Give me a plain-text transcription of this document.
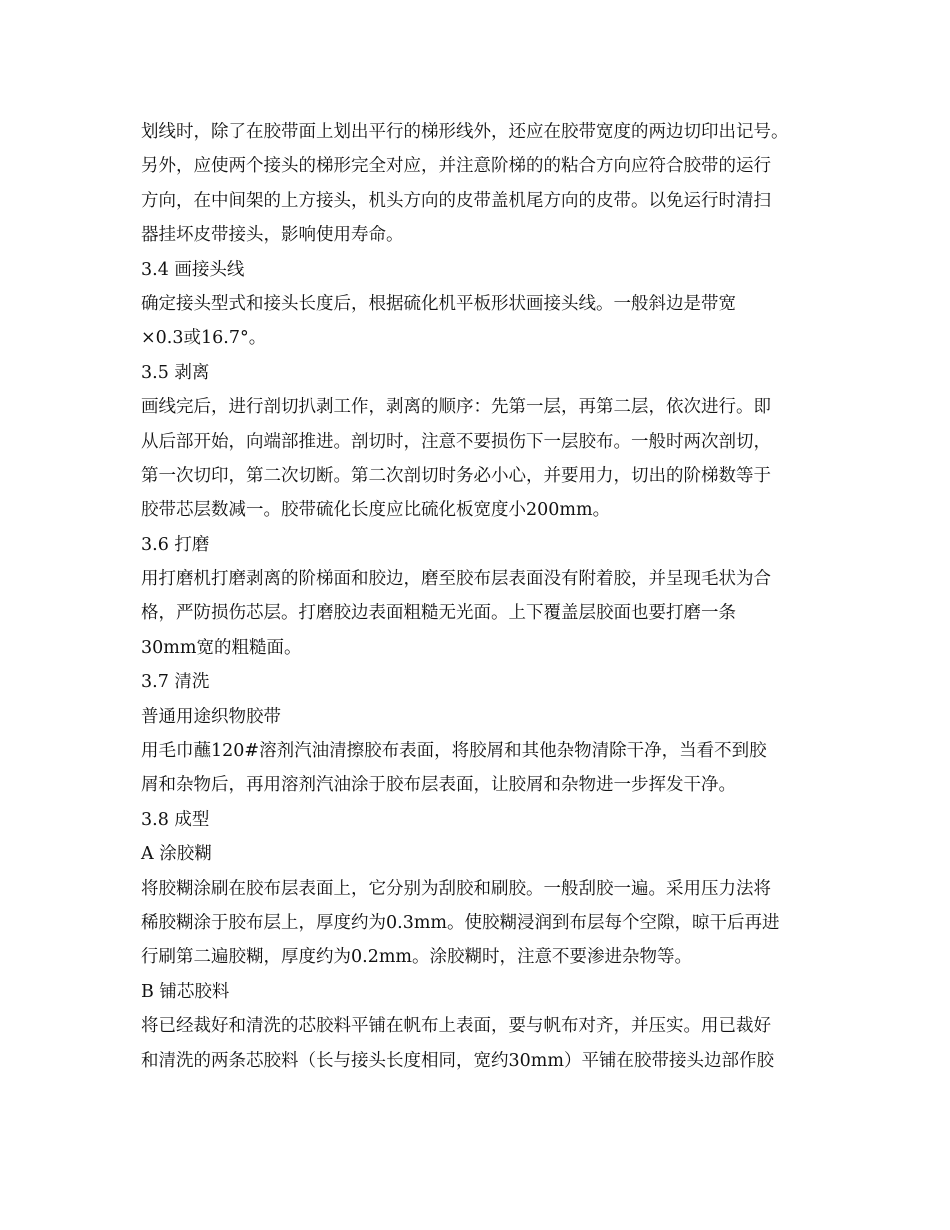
划线时，除了在胶带面上划出平行的梯形线外，还应在胶带宽度的两边切印出记号。
另外，应使两个接头的梯形完全对应，并注意阶梯的的粘合方向应符合胶带的运行
方向，在中间架的上方接头，机头方向的皮带盖机尾方向的皮带。以免运行时清扫
器挂坏皮带接头，影响使用寿命。
3.4 画接头线
确定接头型式和接头长度后，根据硫化机平板形状画接头线。一般斜边是带宽
×0.3或16.7°。
3.5 剥离
画线完后，进行剖切扒剥工作，剥离的顺序：先第一层，再第二层，依次进行。即
从后部开始，向端部推进。剖切时，注意不要损伤下一层胶布。一般时两次剖切，
第一次切印，第二次切断。第二次剖切时务必小心，并要用力，切出的阶梯数等于
胶带芯层数减一。胶带硫化长度应比硫化板宽度小200mm。
3.6 打磨
用打磨机打磨剥离的阶梯面和胶边，磨至胶布层表面没有附着胶，并呈现毛状为合
格，严防损伤芯层。打磨胶边表面粗糙无光面。上下覆盖层胶面也要打磨一条
30mm宽的粗糙面。
3.7 清洗
普通用途织物胶带
用毛巾蘸120#溶剂汽油清擦胶布表面，将胶屑和其他杂物清除干净，当看不到胶
屑和杂物后，再用溶剂汽油涂于胶布层表面，让胶屑和杂物进一步挥发干净。
3.8 成型
A 涂胶糊
将胶糊涂刷在胶布层表面上，它分别为刮胶和刷胶。一般刮胶一遍。采用压力法将
稀胶糊涂于胶布层上，厚度约为0.3mm。使胶糊浸润到布层每个空隙，晾干后再进
行刷第二遍胶糊，厚度约为0.2mm。涂胶糊时，注意不要渗进杂物等。
B 铺芯胶料
将已经裁好和清洗的芯胶料平铺在帆布上表面，要与帆布对齐，并压实。用已裁好
和清洗的两条芯胶料（长与接头长度相同，宽约30mm）平铺在胶带接头边部作胶
